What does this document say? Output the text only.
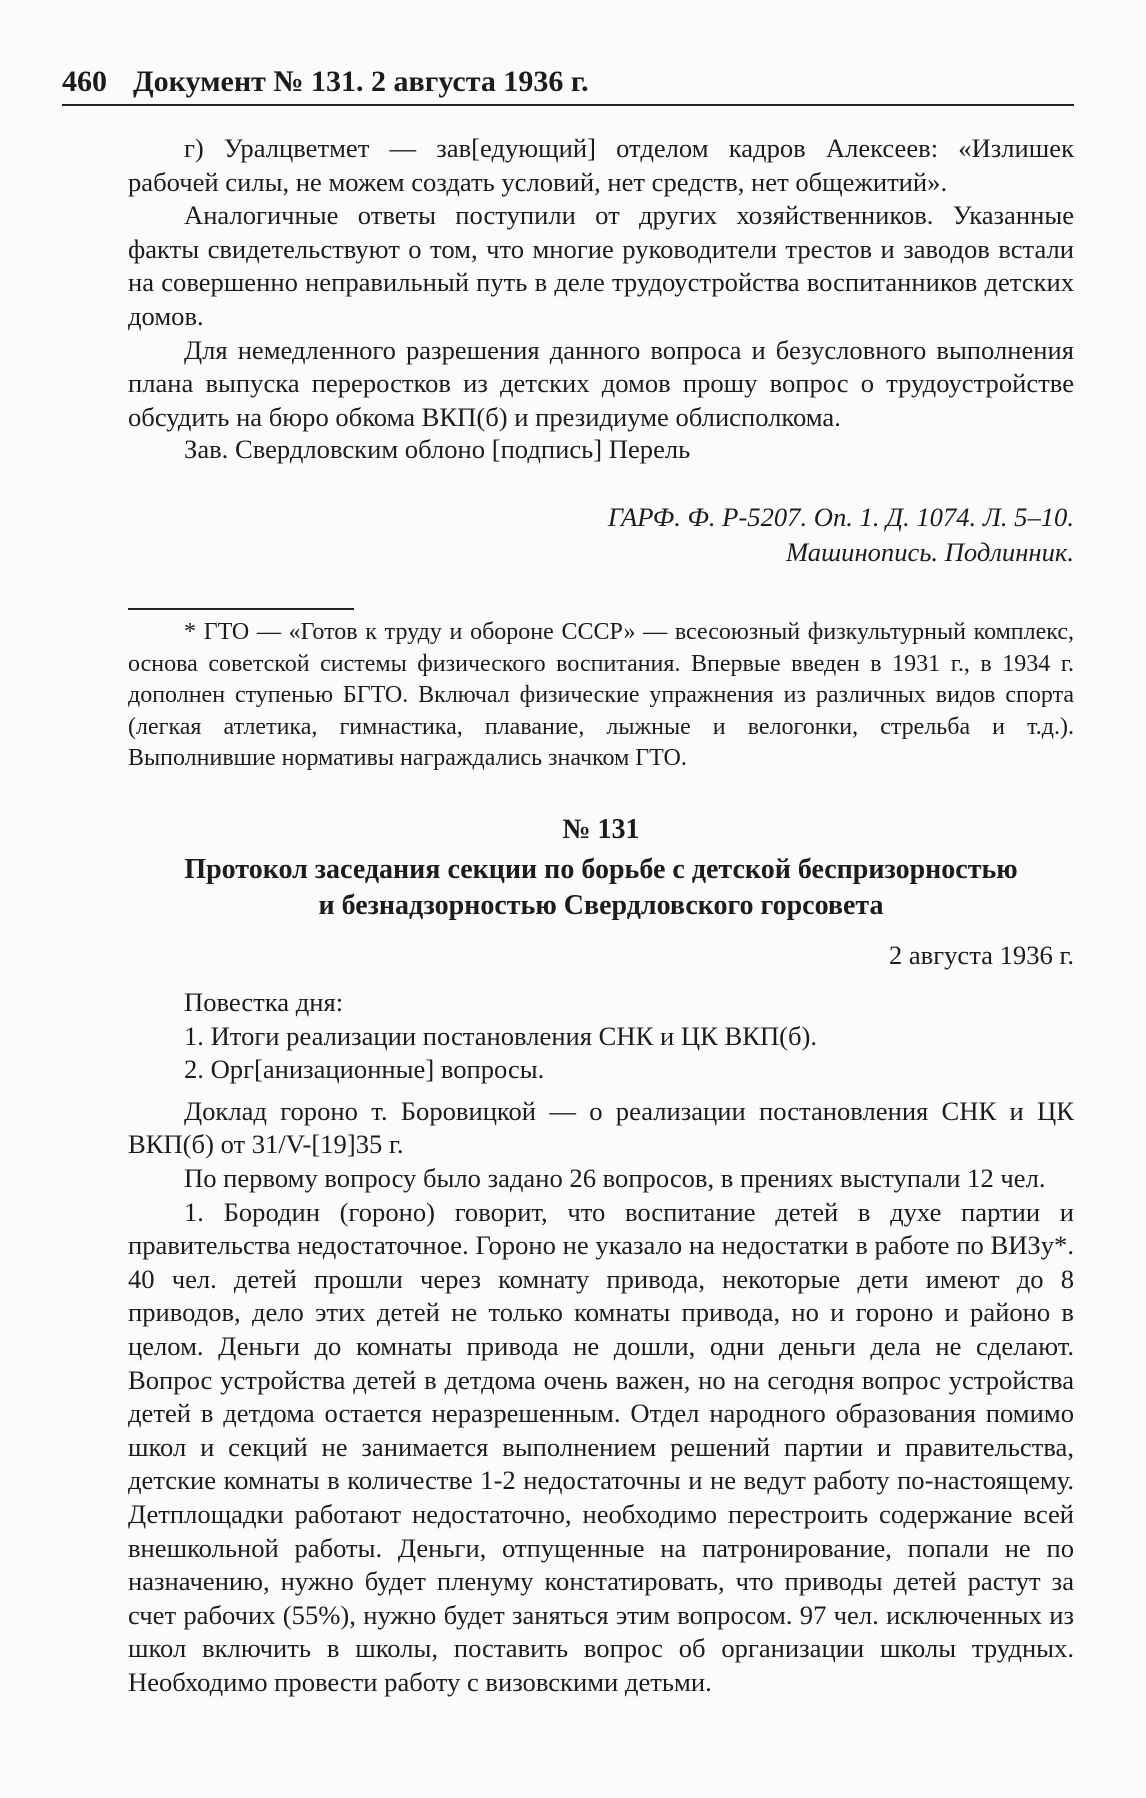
460 Документ № 131. 2 августа 1936 г.

г) Уралцветмет — зав[едующий] отделом кадров Алексеев: «Излишек рабочей силы, не можем создать условий, нет средств, нет общежитий».

Аналогичные ответы поступили от других хозяйственников. Указанные факты свидетельствуют о том, что многие руководители трестов и заводов встали на совершенно неправильный путь в деле трудоустройства воспитанников детских домов.

Для немедленного разрешения данного вопроса и безусловного выполнения плана выпуска переростков из детских домов прошу вопрос о трудоустройстве обсудить на бюро обкома ВКП(б) и президиуме облисполкома.

Зав. Свердловским облоно [подпись] Перель
ГАРФ. Ф. Р-5207. Оп. 1. Д. 1074. Л. 5–10.
Машинопись. Подлинник.

* ГТО — «Готов к труду и обороне СССР» — всесоюзный физкультурный комплекс, основа советской системы физического воспитания. Впервые введен в 1931 г., в 1934 г. дополнен ступенью БГТО. Включал физические упражнения из различных видов спорта (легкая атлетика, гимнастика, плавание, лыжные и велогонки, стрельба и т.д.). Выполнившие нормативы награждались значком ГТО.

№ 131
Протокол заседания секции по борьбе с детской беспризорностью
и безнадзорностью Свердловского горсовета
2 августа 1936 г.

Повестка дня:

1. Итоги реализации постановления СНК и ЦК ВКП(б).

2. Орг[анизационные] вопросы.

Доклад гороно т. Боровицкой — о реализации постановления СНК и ЦК ВКП(б) от 31/V-[19]35 г.

По первому вопросу было задано 26 вопросов, в прениях выступали 12 чел.

1. Бородин (гороно) говорит, что воспитание детей в духе партии и правительства недостаточное. Гороно не указало на недостатки в работе по ВИЗу*. 40 чел. детей прошли через комнату привода, некоторые дети имеют до 8 приводов, дело этих детей не только комнаты привода, но и гороно и районо в целом. Деньги до комнаты привода не дошли, одни деньги дела не сделают. Вопрос устройства детей в детдома очень важен, но на сегодня вопрос устройства детей в детдома остается неразрешенным. Отдел народного образования помимо школ и секций не занимается выполнением решений партии и правительства, детские комнаты в количестве 1-2 недостаточны и не ведут работу по-настоящему. Детплощадки работают недостаточно, необходимо перестроить содержание всей внешкольной работы. Деньги, отпущенные на патронирование, попали не по назначению, нужно будет пленуму констатировать, что приводы детей растут за счет рабочих (55%), нужно будет заняться этим вопросом. 97 чел. исключенных из школ включить в школы, поставить вопрос об организации школы трудных. Необходимо провести работу с визовскими детьми.
